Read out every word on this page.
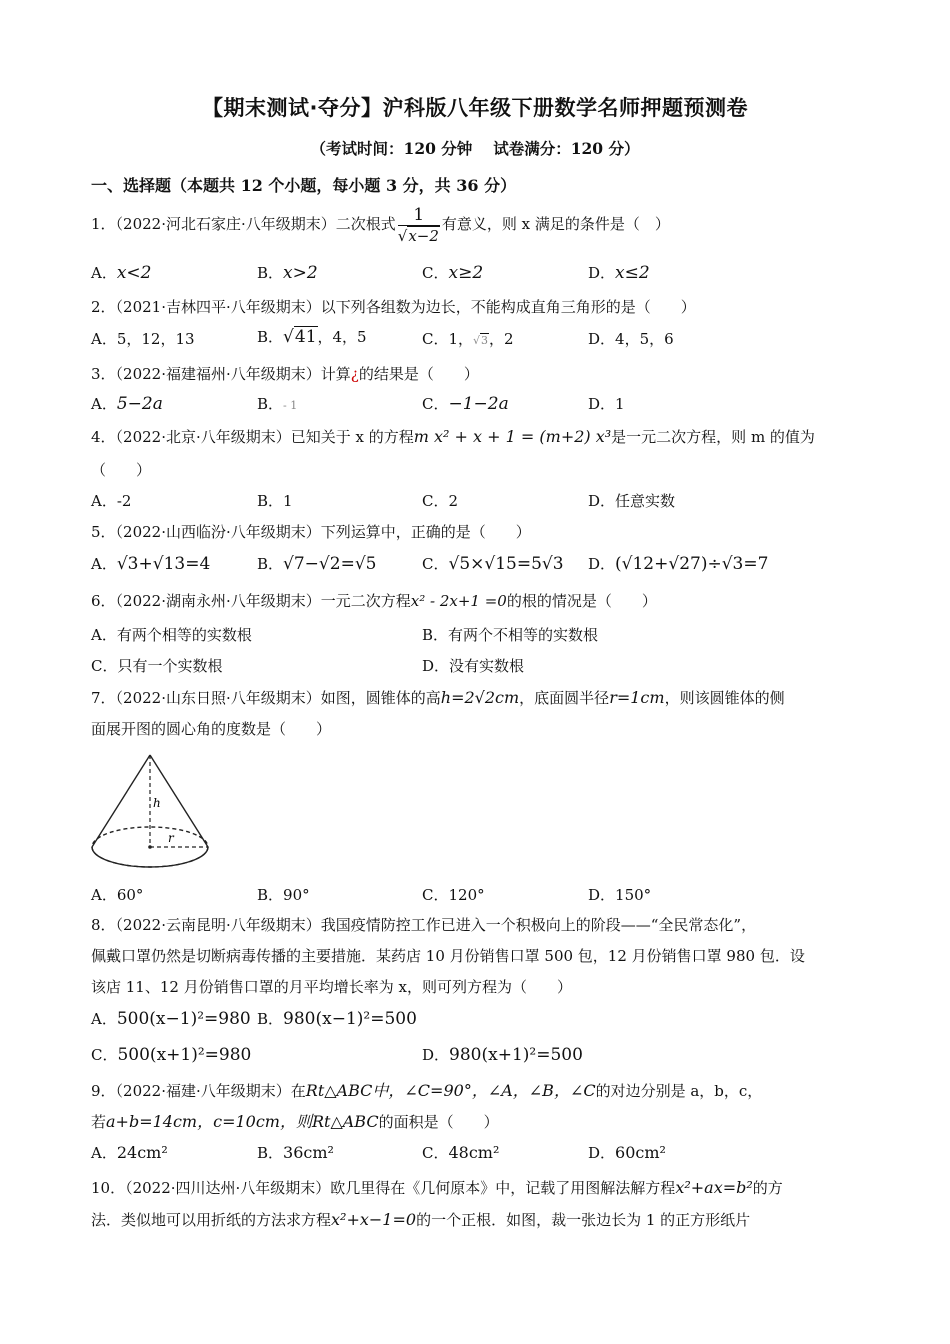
【期末测试·夺分】沪科版八年级下册数学名师押题预测卷
（考试时间：120 分钟　 试卷满分：120 分）
一、选择题（本题共 12 个小题，每小题 3 分，共 36 分）
1．（2022·河北石家庄·八年级期末）二次根式 $\frac{1}{√x-2}$ 有意义，则 x 满足的条件是（　）
A．x<2	B．x>2	C．x≥2	D．x≤2
2．（2021·吉林四平·八年级期末）以下列各组数为边长，不能构成直角三角形的是（　　）
A．5，12，13	B．√41，4，5	C．1，√3，2	D．4，5，6
3．（2022·福建福州·八年级期末）计算¿的结果是（　　）
A．5−2a	B．- 1	C．−1−2a	D．1
4．（2022·北京·八年级期末）已知关于 x 的方程m x² + x + 1 = (m+2) x³是一元二次方程，则 m 的值为
（　　）
A．-2	B．1	C．2	D．任意实数
5．（2022·山西临汾·八年级期末）下列运算中，正确的是（　　）
A．√3+√13=4	B．√7−√2=√5	C．√5×√15=5√3 D．(√12+√27)÷√3=7
6．（2022·湖南永州·八年级期末）一元二次方程x² - 2x+1 =0的根的情况是（　　）
A．有两个相等的实数根	B．有两个不相等的实数根
C．只有一个实数根	D．没有实数根
7．（2022·山东日照·八年级期末）如图，圆锥体的高h=2√2cm，底面圆半径r=1cm，则该圆锥体的侧
面展开图的圆心角的度数是（　　）
h
r
A．60°	B．90°	C．120°	D．150°
8．（2022·云南昆明·八年级期末）我国疫情防控工作已进入一个积极向上的阶段——“全民常态化”，
佩戴口罩仍然是切断病毒传播的主要措施．某药店 10 月份销售口罩 500 包，12 月份销售口罩 980 包．设
该店 11、12 月份销售口罩的月平均增长率为 x，则可列方程为（　　）
A．500(x−1)²=980 B．980(x−1)²=500
C．500(x+1)²=980	D．980(x+1)²=500
9．（2022·福建·八年级期末）在Rt△ABC中，∠C=90°，∠A，∠B，∠C的对边分别是 a，b，c，
若a+b=14cm，c=10cm，则Rt△ABC的面积是（　　）
A．24cm²	B．36cm²	C．48cm²	D．60cm²
10．（2022·四川达州·八年级期末）欧几里得在《几何原本》中，记载了用图解法解方程x²+ax=b²的方
法．类似地可以用折纸的方法求方程x²+x−1=0的一个正根．如图，裁一张边长为 1 的正方形纸片
